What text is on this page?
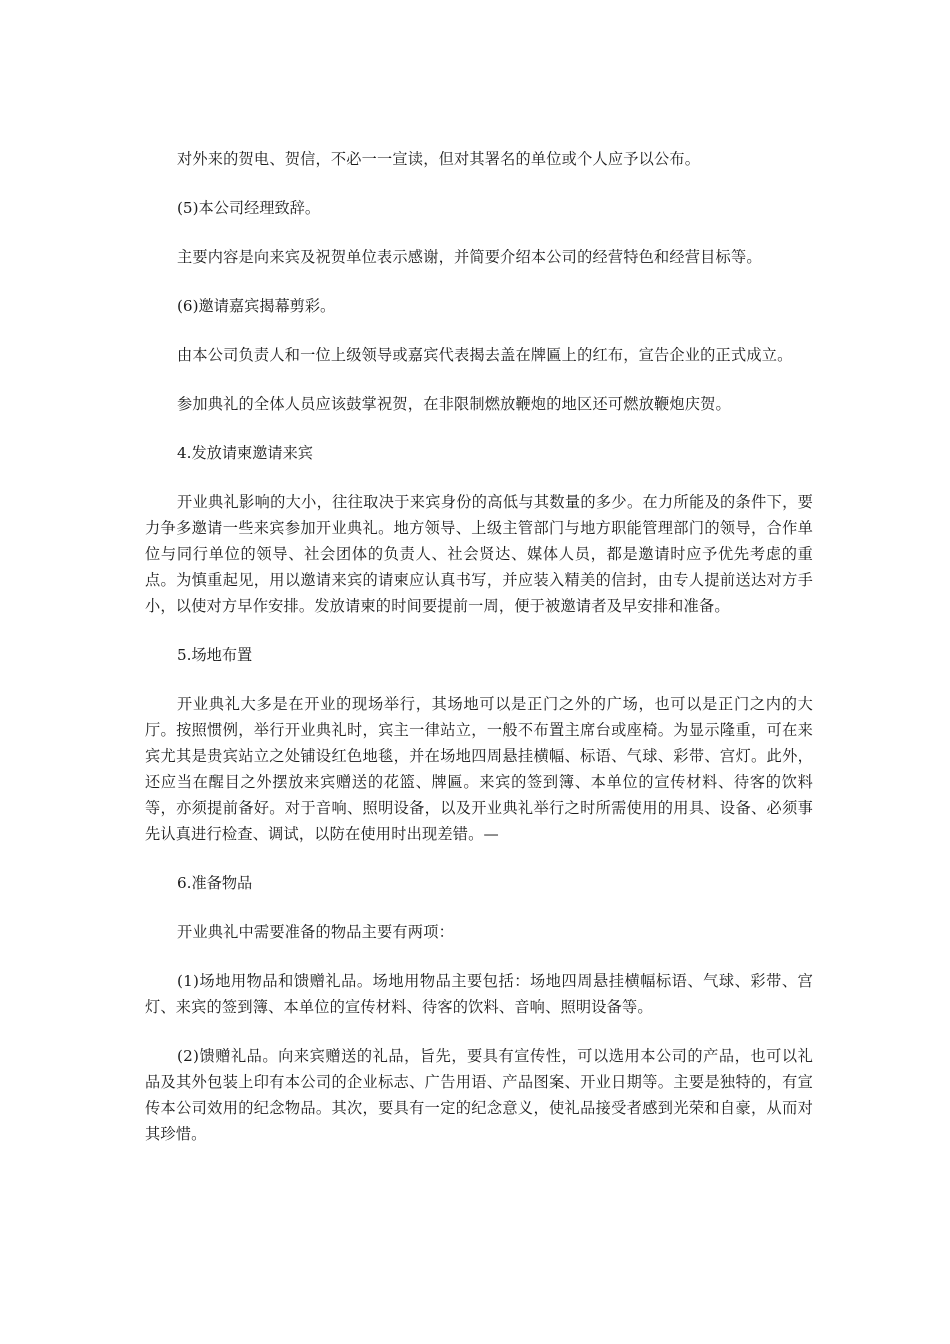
对外来的贺电、贺信，不必一一宣读，但对其署名的单位或个人应予以公布。

(5)本公司经理致辞。

主要内容是向来宾及祝贺单位表示感谢，并简要介绍本公司的经营特色和经营目标等。

(6)邀请嘉宾揭幕剪彩。

由本公司负责人和一位上级领导或嘉宾代表揭去盖在牌匾上的红布，宣告企业的正式成立。

参加典礼的全体人员应该鼓掌祝贺，在非限制燃放鞭炮的地区还可燃放鞭炮庆贺。

4.发放请柬邀请来宾

开业典礼影响的大小，往往取决于来宾身份的高低与其数量的多少。在力所能及的条件下，要力争多邀请一些来宾参加开业典礼。地方领导、上级主管部门与地方职能管理部门的领导，合作单位与同行单位的领导、社会团体的负责人、社会贤达、媒体人员，都是邀请时应予优先考虑的重点。为慎重起见，用以邀请来宾的请柬应认真书写，并应装入精美的信封，由专人提前送达对方手小，以使对方早作安排。发放请柬的时间要提前一周，便于被邀请者及早安排和准备。

5.场地布置

开业典礼大多是在开业的现场举行，其场地可以是正门之外的广场，也可以是正门之内的大厅。按照惯例，举行开业典礼时，宾主一律站立，一般不布置主席台或座椅。为显示隆重，可在来宾尤其是贵宾站立之处铺设红色地毯，并在场地四周悬挂横幅、标语、气球、彩带、宫灯。此外，还应当在醒目之外摆放来宾赠送的花篮、牌匾。来宾的签到簿、本单位的宣传材料、待客的饮料等，亦须提前备好。对于音响、照明设备，以及开业典礼举行之时所需使用的用具、设备、必须事先认真进行检查、调试，以防在使用时出现差错。—

6.准备物品

开业典礼中需要准备的物品主要有两项：

(1)场地用物品和馈赠礼品。场地用物品主要包括：场地四周悬挂横幅标语、气球、彩带、宫灯、来宾的签到簿、本单位的宣传材料、待客的饮料、音响、照明设备等。

(2)馈赠礼品。向来宾赠送的礼品，旨先，要具有宣传性，可以选用本公司的产品，也可以礼品及其外包装上印有本公司的企业标志、广告用语、产品图案、开业日期等。主要是独特的，有宣传本公司效用的纪念物品。其次，要具有一定的纪念意义，使礼品接受者感到光荣和自豪，从而对其珍惜。
